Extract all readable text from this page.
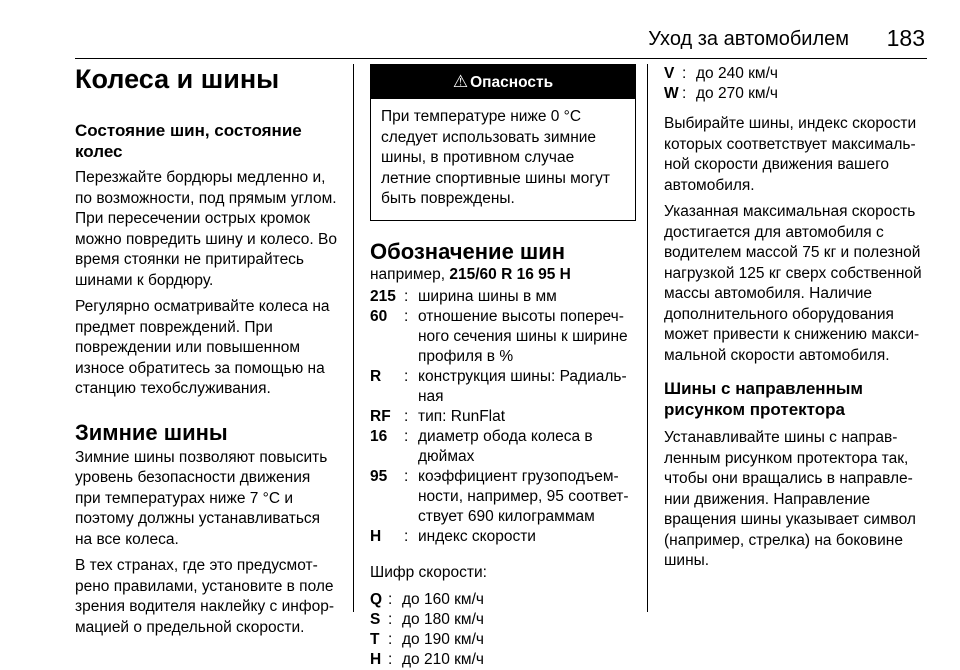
Уход за автомобилем 183
Колеса и шины
Состояние шин, состояние колес

Перезжайте бордюры медленно и, по возможности, под прямым углом. При пересечении острых кромок можно повредить шину и колесо. Во время стоянки не притирайтесь шинами к бордюру.

Регулярно осматривайте колеса на предмет повреждений. При повреждении или повышенном износе обратитесь за помощью на станцию техобслуживания.

Зимние шины

Зимние шины позволяют повысить уровень безопасности движения при температурах ниже 7 °C и поэтому должны устанавливаться на все колеса.

В тех странах, где это предусмотрено правилами, установите в поле зрения водителя наклейку с информацией о предельной скорости.

⚠ Опасность

При температуре ниже 0 °C следует использовать зимние шины, в противном случае летние спортивные шины могут быть повреждены.

Обозначение шин

например, 215/60 R 16 95 H

215 : ширина шины в мм
60	: отношение высоты поперечного сечения шины к ширине профиля в %
R	: конструкция шины: Радиальная
RF : тип: RunFlat
16	: диаметр обода колеса в дюймах
95	: коэффициент грузоподъемности, например, 95 соответствует 690 килограммам
H	: индекс скорости

Шифр скорости:

Q : до 160 км/ч
S : до 180 км/ч
T : до 190 км/ч
H : до 210 км/ч
V : до 240 км/ч
W : до 270 км/ч

Выбирайте шины, индекс скорости которых соответствует максимальной скорости движения вашего автомобиля.

Указанная максимальная скорость достигается для автомобиля с водителем массой 75 кг и полезной нагрузкой 125 кг сверх собственной массы автомобиля. Наличие дополнительного оборудования может привести к снижению максимальной скорости автомобиля.

Шины с направленным рисунком протектора

Устанавливайте шины с направленным рисунком протектора так, чтобы они вращались в направлении движения. Направление вращения шины указывает символ (например, стрелка) на боковине шины.
